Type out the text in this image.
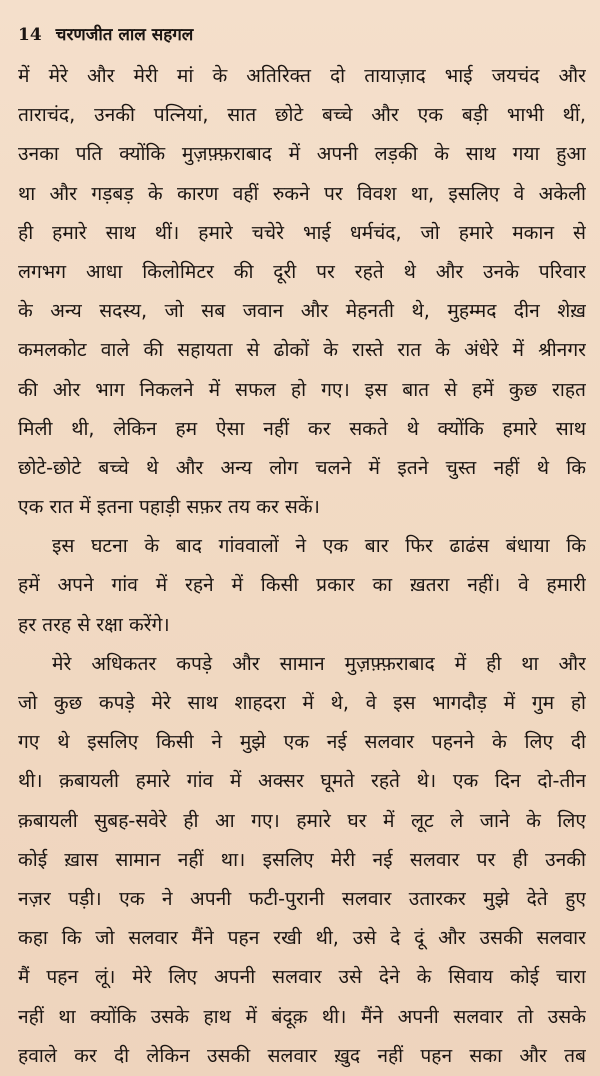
14 चरणजीत लाल सहगल
में मेरे और मेरी मां के अतिरिक्त दो तायाज़ाद भाई जयचंद और
ताराचंद, उनकी पत्नियां, सात छोटे बच्चे और एक बड़ी भाभी थीं,
उनका पति क्योंकि मुज़फ़्फ़राबाद में अपनी लड़की के साथ गया हुआ
था और गड़बड़ के कारण वहीं रुकने पर विवश था, इसलिए वे अकेली
ही हमारे साथ थीं। हमारे चचेरे भाई धर्मचंद, जो हमारे मकान से
लगभग आधा किलोमिटर की दूरी पर रहते थे और उनके परिवार
के अन्य सदस्य, जो सब जवान और मेहनती थे, मुहम्मद दीन शेख़
कमलकोट वाले की सहायता से ढोकों के रास्ते रात के अंधेरे में श्रीनगर
की ओर भाग निकलने में सफल हो गए। इस बात से हमें कुछ राहत
मिली थी, लेकिन हम ऐसा नहीं कर सकते थे क्योंकि हमारे साथ
छोटे-छोटे बच्चे थे और अन्य लोग चलने में इतने चुस्त नहीं थे कि
एक रात में इतना पहाड़ी सफ़र तय कर सकें।
इस घटना के बाद गांववालों ने एक बार फिर ढाढंस बंधाया कि
हमें अपने गांव में रहने में किसी प्रकार का ख़तरा नहीं। वे हमारी
हर तरह से रक्षा करेंगे।
मेरे अधिकतर कपड़े और सामान मुज़फ़्फ़राबाद में ही था और
जो कुछ कपड़े मेरे साथ शाहदरा में थे, वे इस भागदौड़ में गुम हो
गए थे इसलिए किसी ने मुझे एक नई सलवार पहनने के लिए दी
थी। क़बायली हमारे गांव में अक्सर घूमते रहते थे। एक दिन दो-तीन
क़बायली सुबह-सवेरे ही आ गए। हमारे घर में लूट ले जाने के लिए
कोई ख़ास सामान नहीं था। इसलिए मेरी नई सलवार पर ही उनकी
नज़र पड़ी। एक ने अपनी फटी-पुरानी सलवार उतारकर मुझे देते हुए
कहा कि जो सलवार मैंने पहन रखी थी, उसे दे दूं और उसकी सलवार
मैं पहन लूं। मेरे लिए अपनी सलवार उसे देने के सिवाय कोई चारा
नहीं था क्योंकि उसके हाथ में बंदूक़ थी। मैंने अपनी सलवार तो उसके
हवाले कर दी लेकिन उसकी सलवार ख़ुद नहीं पहन सका और तब
